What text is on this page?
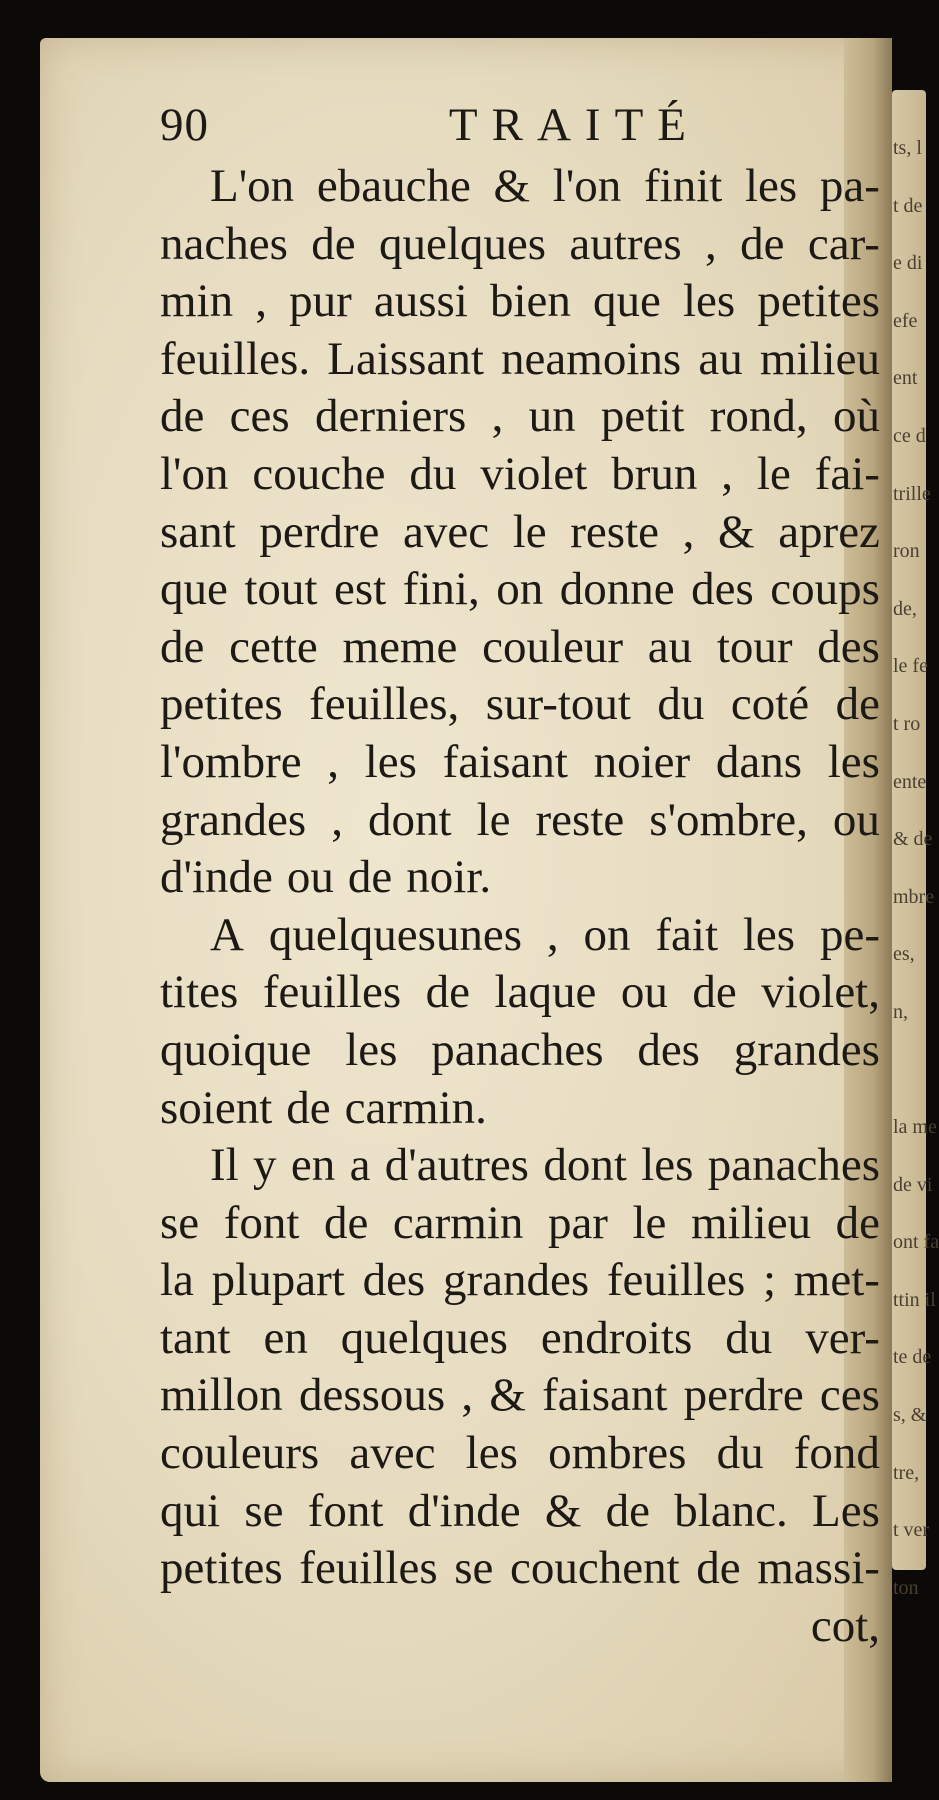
ts, l
t de
e di
efe
ent
ce d
trille
ron
de,
le fe
t ro
ente
& de
mbre
es,
n,
la me
de vi
ont fa
ttin il
te de
s, &
tre,
t ver
ton
90	TRAITÉ
L'on ebauche & l'on finit les pa-
naches de quelques autres , de car-
min , pur aussi bien que les petites
feuilles. Laissant neamoins au milieu
de ces derniers , un petit rond, où
l'on couche du violet brun , le fai-
sant perdre avec le reste , & aprez
que tout est fini, on donne des coups
de cette meme couleur au tour des
petites feuilles, sur-tout du coté de
l'ombre , les faisant noier dans les
grandes , dont le reste s'ombre, ou
d'inde ou de noir.
A quelquesunes , on fait les pe-
tites feuilles de laque ou de violet,
quoique les panaches des grandes
soient de carmin.
Il y en a d'autres dont les panaches
se font de carmin par le milieu de
la plupart des grandes feuilles ; met-
tant en quelques endroits du ver-
millon dessous , & faisant perdre ces
couleurs avec les ombres du fond
qui se font d'inde & de blanc. Les
petites feuilles se couchent de massi-
cot,
